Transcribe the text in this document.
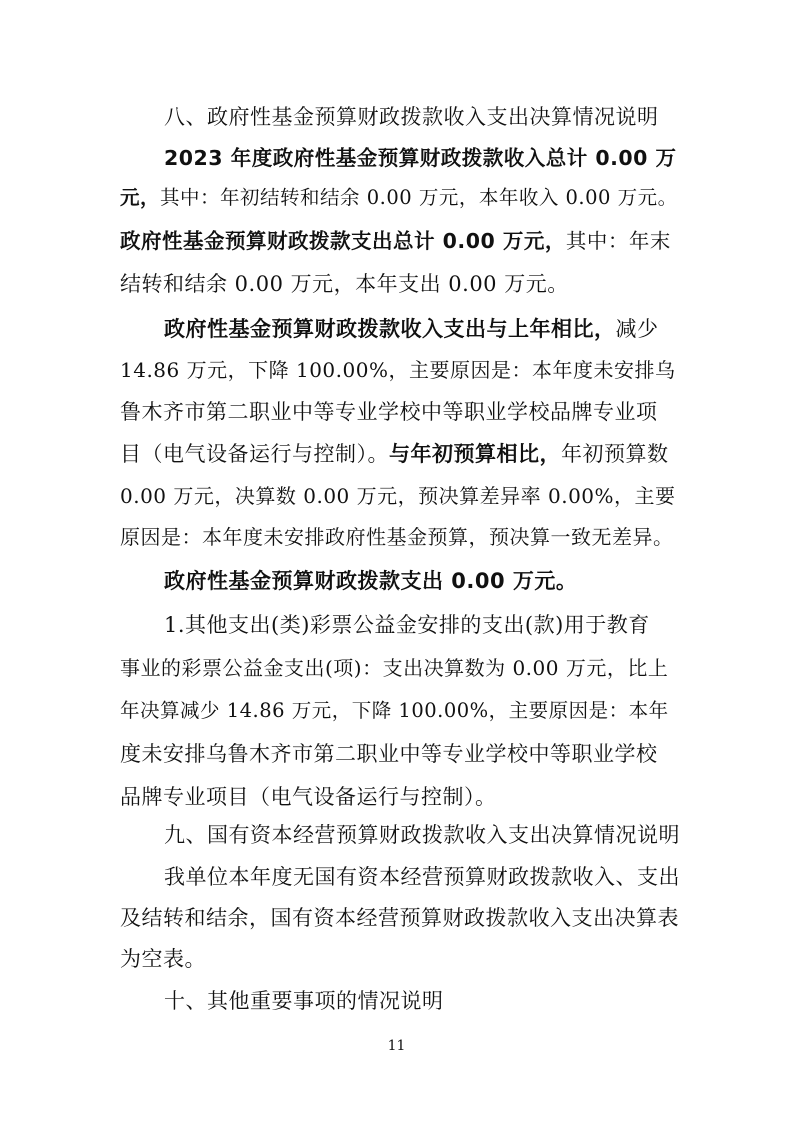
八、政府性基金预算财政拨款收入支出决算情况说明
2023 年度政府性基金预算财政拨款收入总计 0.00 万
元，其中：年初结转和结余 0.00 万元，本年收入 0.00 万元。
政府性基金预算财政拨款支出总计 0.00 万元，其中：年末
结转和结余 0.00 万元，本年支出 0.00 万元。
政府性基金预算财政拨款收入支出与上年相比，减少
14.86 万元，下降 100.00%，主要原因是：本年度未安排乌
鲁木齐市第二职业中等专业学校中等职业学校品牌专业项
目（电气设备运行与控制）。与年初预算相比，年初预算数
0.00 万元，决算数 0.00 万元，预决算差异率 0.00%，主要
原因是：本年度未安排政府性基金预算，预决算一致无差异。
政府性基金预算财政拨款支出 0.00 万元。
1.其他支出(类)彩票公益金安排的支出(款)用于教育
事业的彩票公益金支出(项)：支出决算数为 0.00 万元，比上
年决算减少 14.86 万元，下降 100.00%，主要原因是：本年
度未安排乌鲁木齐市第二职业中等专业学校中等职业学校
品牌专业项目（电气设备运行与控制）。
九、国有资本经营预算财政拨款收入支出决算情况说明
我单位本年度无国有资本经营预算财政拨款收入、支出
及结转和结余，国有资本经营预算财政拨款收入支出决算表
为空表。
十、其他重要事项的情况说明
11
